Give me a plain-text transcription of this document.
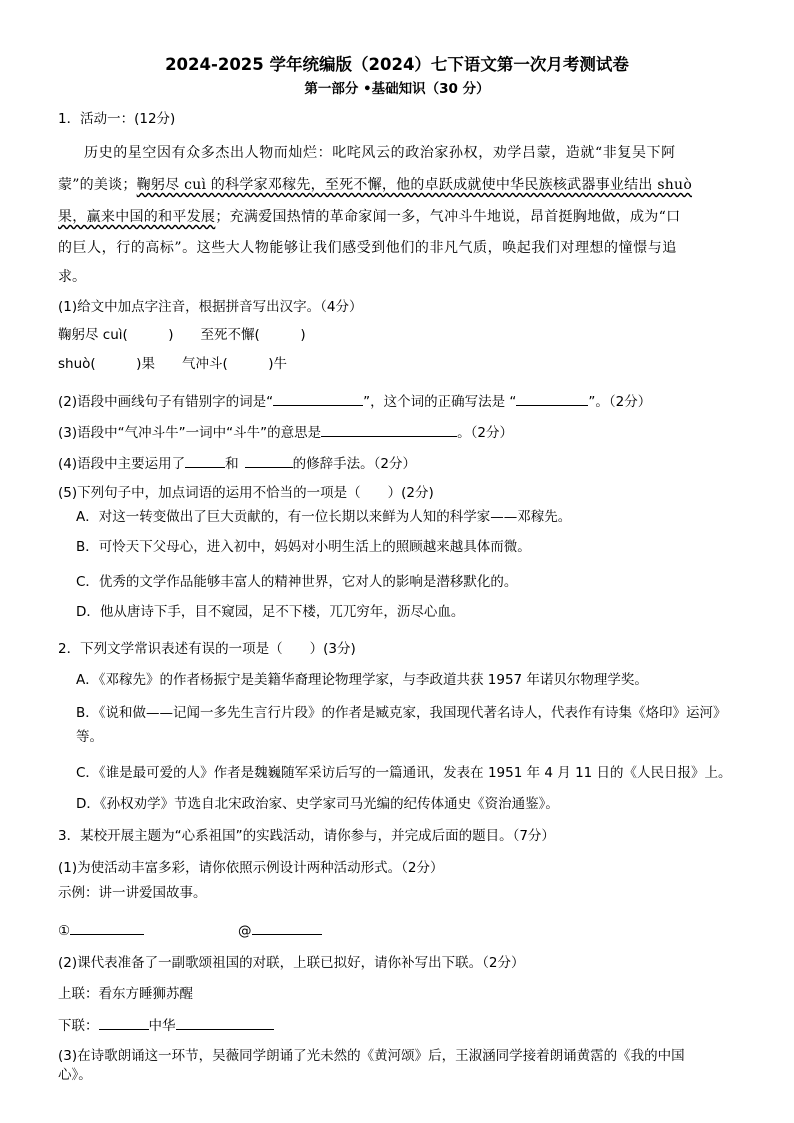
2024-2025 学年统编版（2024）七下语文第一次月考测试卷
第一部分 •基础知识（30 分）
1．活动一：(12分)
历史的星空因有众多杰出人物而灿烂：叱咤风云的政治家孙权，劝学吕蒙，造就“非复吴下阿
蒙”的美谈；鞠躬尽 cuì 的科学家邓稼先，至死不懈，他的卓跃成就使中华民族核武器事业结出 shuò
果，赢来中国的和平发展；充满爱国热情的革命家闻一多，气冲斗牛地说，昂首挺胸地做，成为“口
的巨人，行的高标”。这些大人物能够让我们感受到他们的非凡气质，唤起我们对理想的憧憬与追
求。
(1)给文中加点字注音，根据拼音写出汉字。（4分）
鞠躬尽 cuì(　　　)　　至死不懈(　　　)
shuò(　　　)果　　气冲斗(　　　)牛
(2)语段中画线句子有错别字的词是“	”，这个词的正确写法是 “	”。（2分）
(3)语段中“气冲斗牛”一词中“斗牛”的意思是	。（2分）
(4)语段中主要运用了	和	的修辞手法。（2分）
(5)下列句子中，加点词语的运用不恰当的一项是（　　）(2分)
A．对这一转变做出了巨大贡献的，有一位长期以来鲜为人知的科学家——邓稼先。
B．可怜天下父母心，进入初中，妈妈对小明生活上的照顾越来越具体而微。
C．优秀的文学作品能够丰富人的精神世界，它对人的影响是潜移默化的。
D．他从唐诗下手，目不窥园，足不下楼，兀兀穷年，沥尽心血。
2．下列文学常识表述有误的一项是（　　）(3分)
A．《邓稼先》的作者杨振宁是美籍华裔理论物理学家，与李政道共获 1957 年诺贝尔物理学奖。
B．《说和做——记闻一多先生言行片段》的作者是臧克家，我国现代著名诗人，代表作有诗集《烙印》运河》
等。
C．《谁是最可爱的人》作者是魏巍随军采访后写的一篇通讯，发表在 1951 年 4 月 11 日的《人民日报》上。
D．《孙权劝学》节选自北宋政治家、史学家司马光编的纪传体通史《资治通鉴》。
3．某校开展主题为“心系祖国”的实践活动，请你参与，并完成后面的题目。（7分）
(1)为使活动丰富多彩，请你依照示例设计两种活动形式。（2分）
示例：讲一讲爱国故事。
①	@
(2)课代表准备了一副歌颂祖国的对联，上联已拟好，请你补写出下联。（2分）
上联：看东方睡狮苏醒
下联：	中华
(3)在诗歌朗诵这一环节，吴薇同学朗诵了光未然的《黄河颂》后，王淑涵同学接着朗诵黄霑的《我的中国
心》。
